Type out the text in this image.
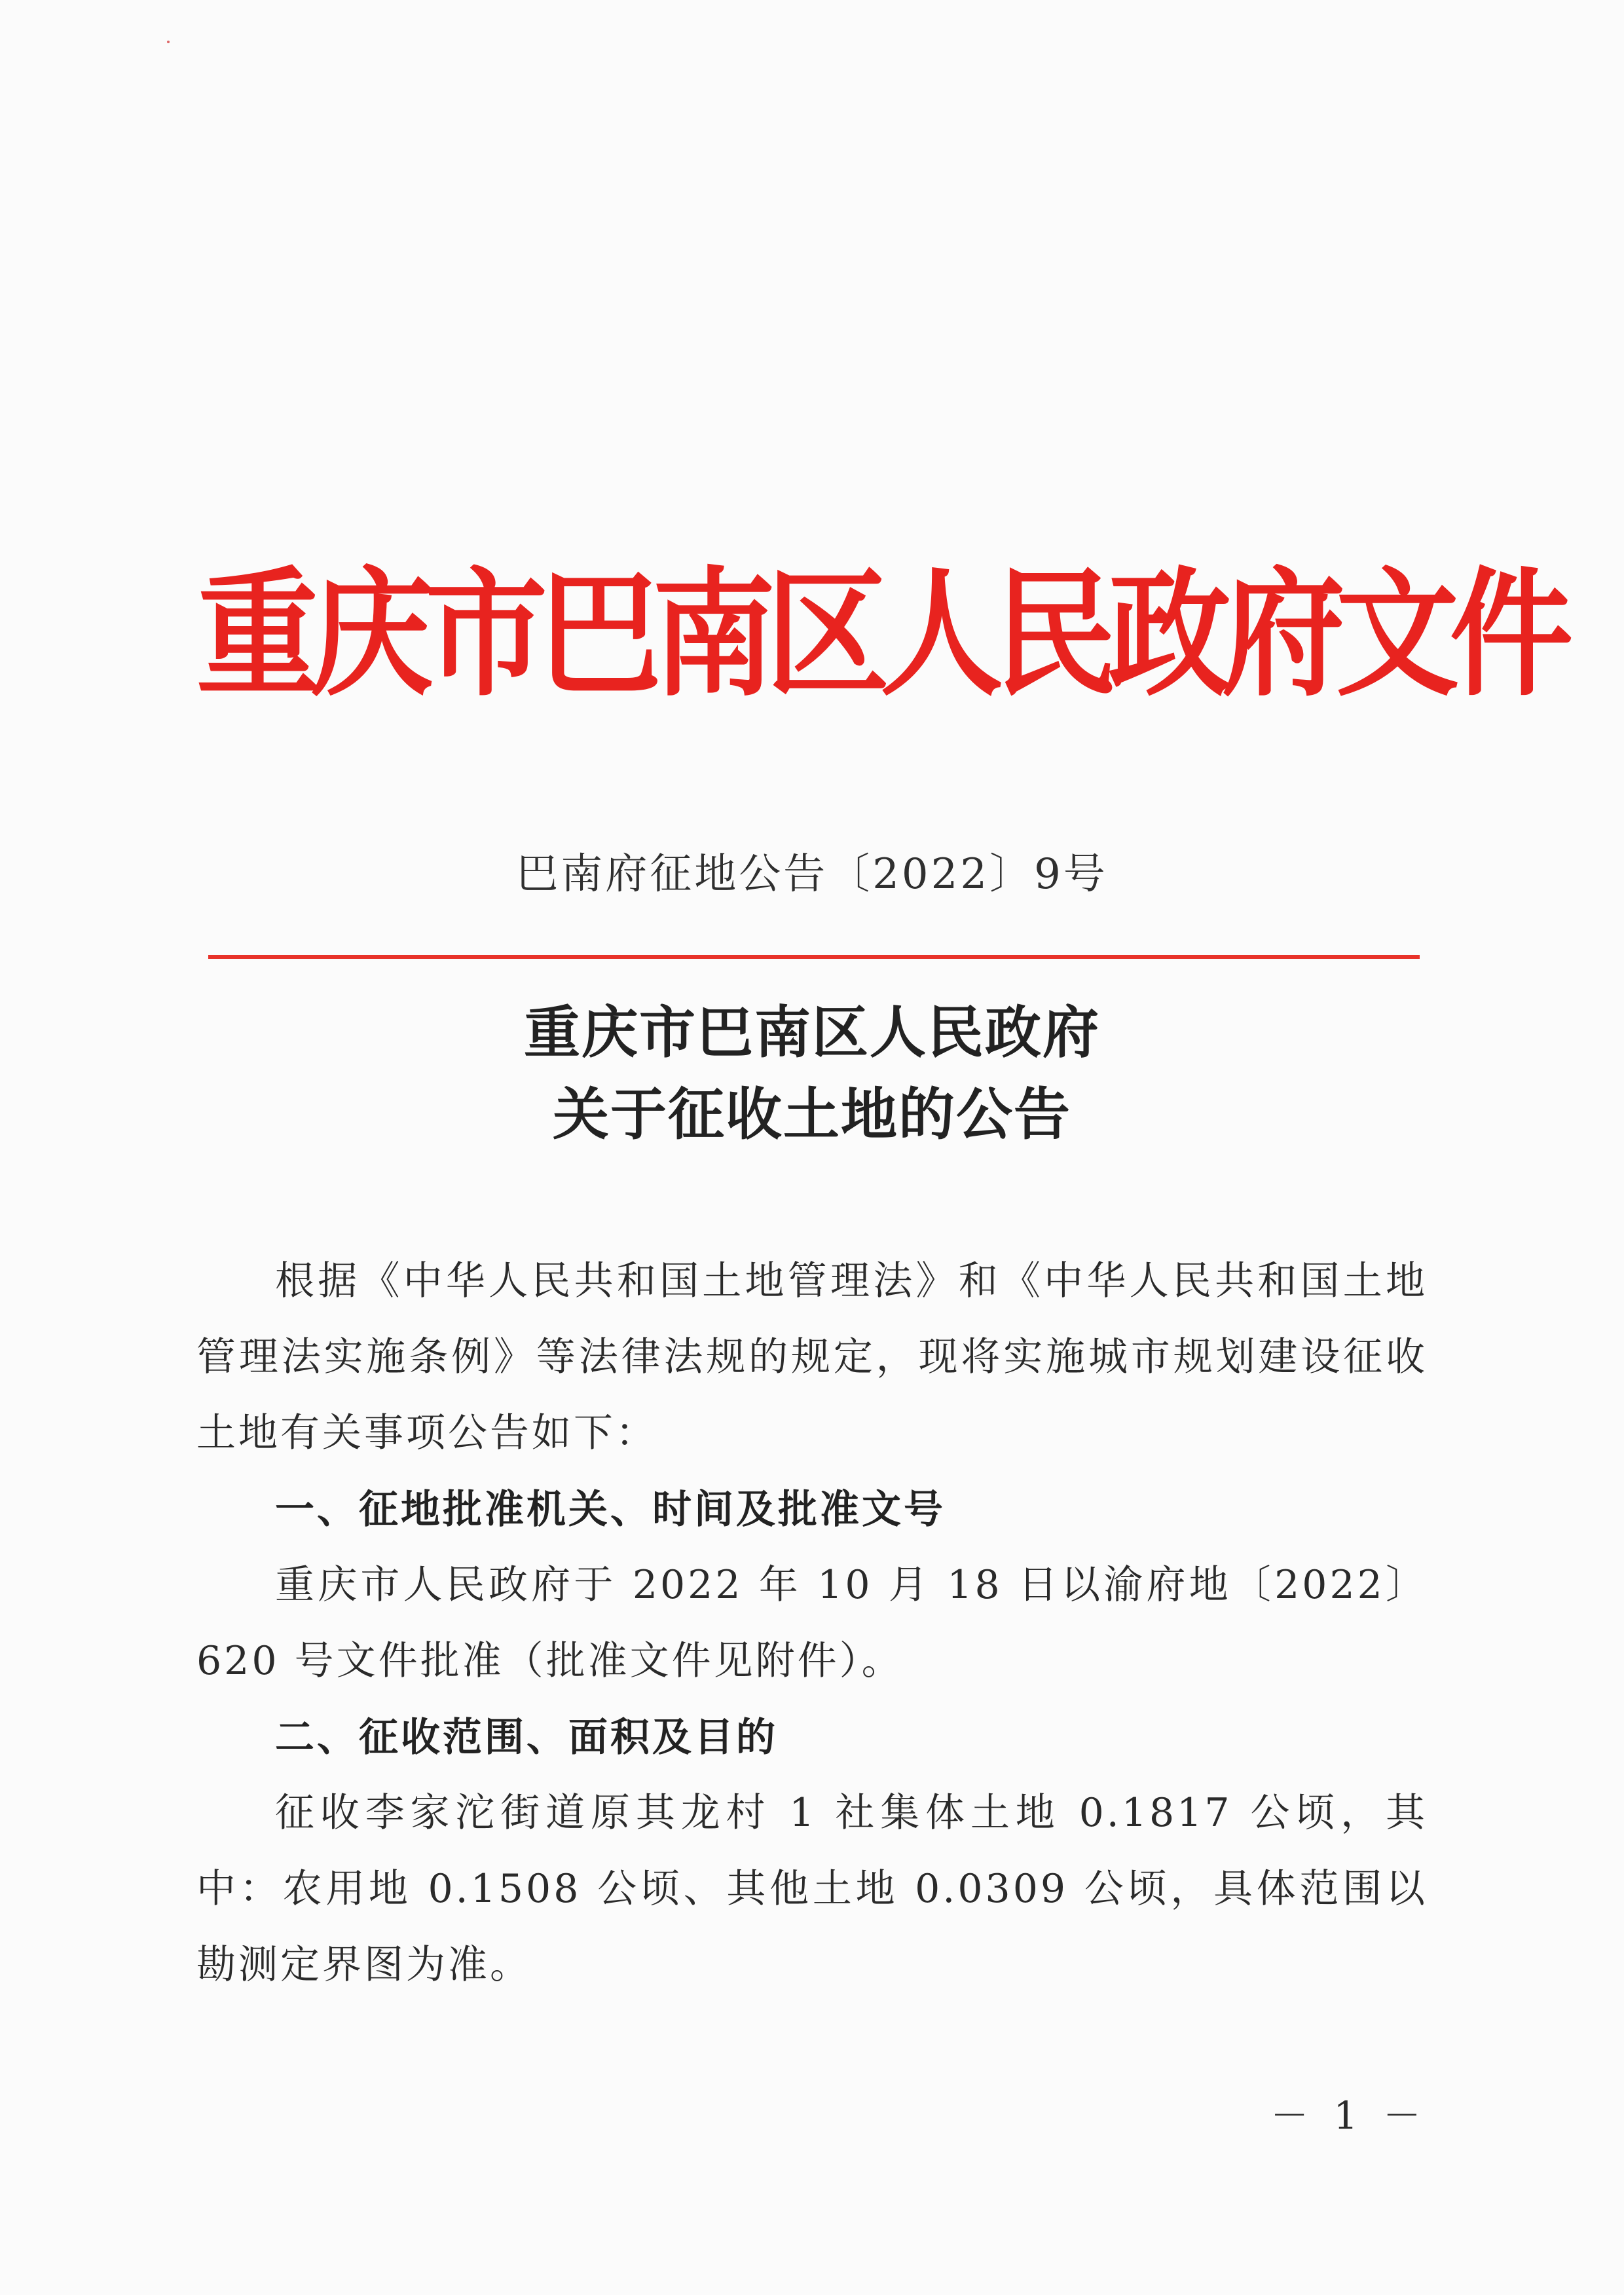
重庆市巴南区人民政府文件
巴南府征地公告〔2022〕9号
重庆市巴南区人民政府
关于征收土地的公告

根据《中华人民共和国土地管理法》和《中华人民共和国土地管理法实施条例》等法律法规的规定，现将实施城市规划建设征收土地有关事项公告如下：

一、征地批准机关、时间及批准文号

重庆市人民政府于 2022 年 10 月 18 日以渝府地〔2022〕620 号文件批准（批准文件见附件）。

二、征收范围、面积及目的

征收李家沱街道原其龙村 1 社集体土地 0.1817 公顷，其中：农用地 0.1508 公顷、其他土地 0.0309 公顷，具体范围以勘测定界图为准。

－ 1 －
